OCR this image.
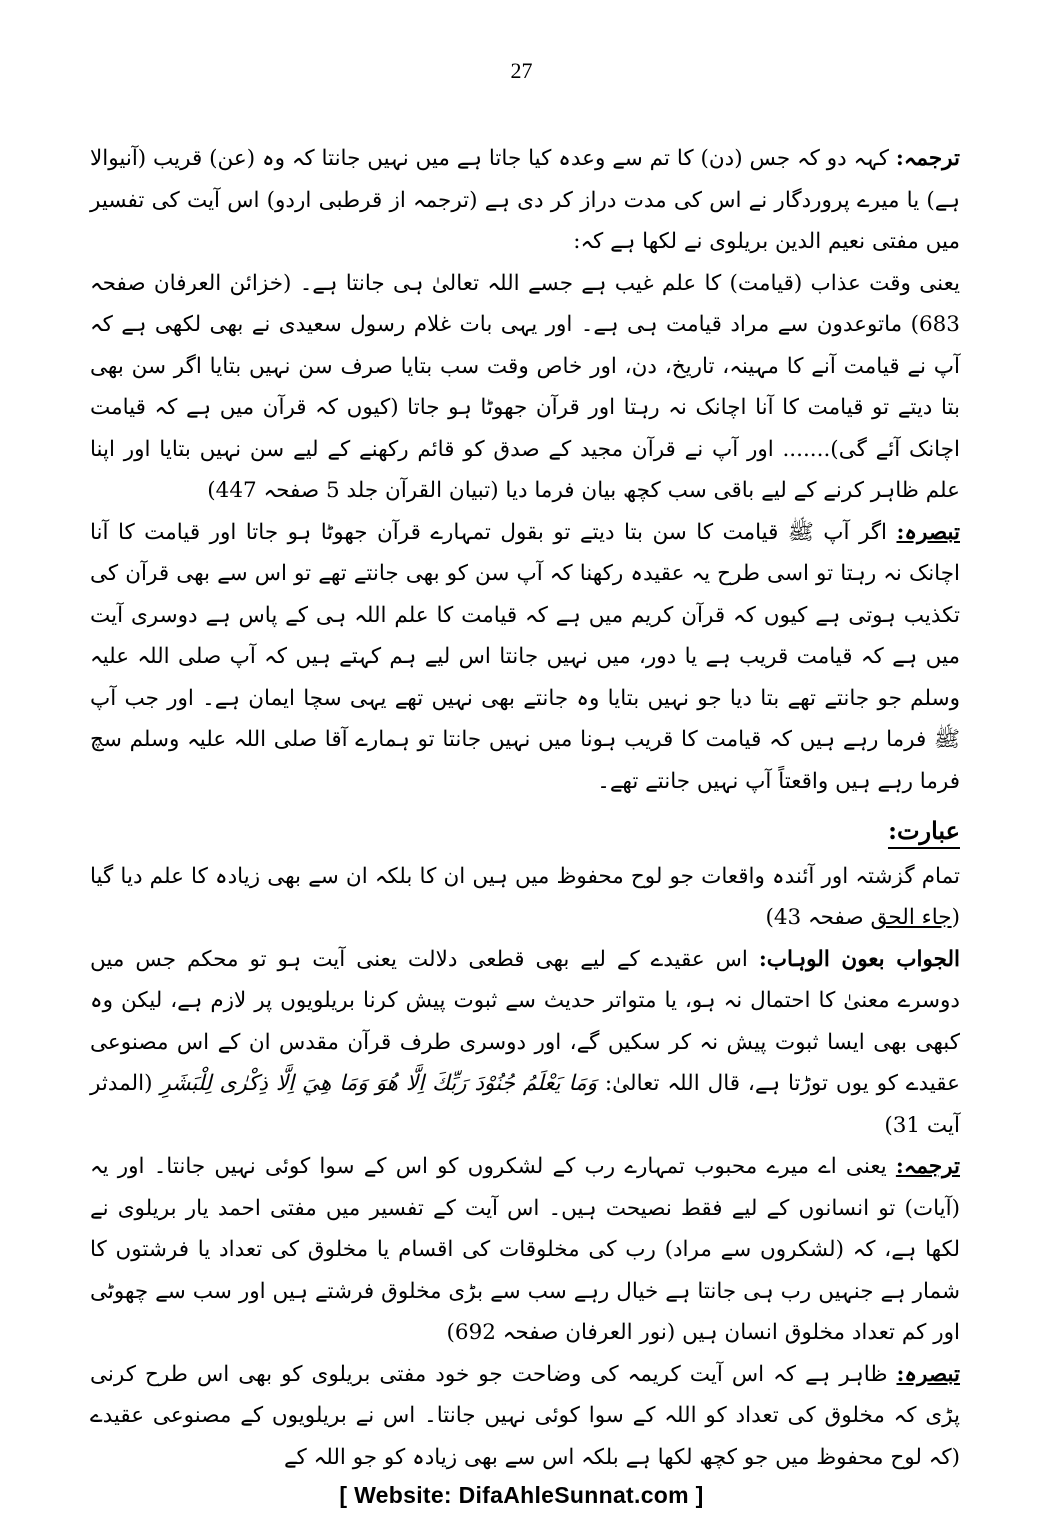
27

ترجمہ: کہہ دو کہ جس (دن) کا تم سے وعدہ کیا جاتا ہے میں نہیں جانتا کہ وہ (عن) قریب (آنیوالا ہے) یا میرے پروردگار نے اس کی مدت دراز کر دی ہے (ترجمہ از قرطبی اردو) اس آیت کی تفسیر میں مفتی نعیم الدین بریلوی نے لکھا ہے کہ:

یعنی وقت عذاب (قیامت) کا علم غیب ہے جسے اللہ تعالیٰ ہی جانتا ہے۔ (خزائن العرفان صفحہ 683) ماتوعدون سے مراد قیامت ہی ہے۔ اور یہی بات غلام رسول سعیدی نے بھی لکھی ہے کہ آپ نے قیامت آنے کا مہینہ، تاریخ، دن، اور خاص وقت سب بتایا صرف سن نہیں بتایا اگر سن بھی بتا دیتے تو قیامت کا آنا اچانک نہ رہتا اور قرآن جھوٹا ہو جاتا (کیوں کہ قرآن میں ہے کہ قیامت اچانک آئے گی)....... اور آپ نے قرآن مجید کے صدق کو قائم رکھنے کے لیے سن نہیں بتایا اور اپنا علم ظاہر کرنے کے لیے باقی سب کچھ بیان فرما دیا (تبیان القرآن جلد 5 صفحہ 447)

تبصرہ: اگر آپ ﷺ قیامت کا سن بتا دیتے تو بقول تمہارے قرآن جھوٹا ہو جاتا اور قیامت کا آنا اچانک نہ رہتا تو اسی طرح یہ عقیدہ رکھنا کہ آپ سن کو بھی جانتے تھے تو اس سے بھی قرآن کی تکذیب ہوتی ہے کیوں کہ قرآن کریم میں ہے کہ قیامت کا علم اللہ ہی کے پاس ہے دوسری آیت میں ہے کہ قیامت قریب ہے یا دور، میں نہیں جانتا اس لیے ہم کہتے ہیں کہ آپ صلی اللہ علیہ وسلم جو جانتے تھے بتا دیا جو نہیں بتایا وہ جانتے بھی نہیں تھے یہی سچا ایمان ہے۔ اور جب آپ ﷺ فرما رہے ہیں کہ قیامت کا قریب ہونا میں نہیں جانتا تو ہمارے آقا صلی اللہ علیہ وسلم سچ فرما رہے ہیں واقعتاً آپ نہیں جانتے تھے۔

عبارت:

تمام گزشتہ اور آئندہ واقعات جو لوح محفوظ میں ہیں ان کا بلکہ ان سے بھی زیادہ کا علم دیا گیا (جاء الحق صفحہ 43)

الجواب بعون الوہاب: اس عقیدے کے لیے بھی قطعی دلالت یعنی آیت ہو تو محکم جس میں دوسرے معنیٰ کا احتمال نہ ہو، یا متواتر حدیث سے ثبوت پیش کرنا بریلویوں پر لازم ہے، لیکن وہ کبھی بھی ایسا ثبوت پیش نہ کر سکیں گے، اور دوسری طرف قرآن مقدس ان کے اس مصنوعی عقیدے کو یوں توڑتا ہے، قال اللہ تعالیٰ: وَمَا يَعْلَمُ جُنُوْدَ رَبِّكَ اِلَّا هُوَ وَمَا هِيَ اِلَّا ذِكْرٰى لِلْبَشَرِ (المدثر آیت 31)

ترجمہ: یعنی اے میرے محبوب تمہارے رب کے لشکروں کو اس کے سوا کوئی نہیں جانتا۔ اور یہ (آیات) تو انسانوں کے لیے فقط نصیحت ہیں۔ اس آیت کے تفسیر میں مفتی احمد یار بریلوی نے لکھا ہے، کہ (لشکروں سے مراد) رب کی مخلوقات کی اقسام یا مخلوق کی تعداد یا فرشتوں کا شمار ہے جنہیں رب ہی جانتا ہے خیال رہے سب سے بڑی مخلوق فرشتے ہیں اور سب سے چھوٹی اور کم تعداد مخلوق انسان ہیں (نور العرفان صفحہ 692)

تبصرہ: ظاہر ہے کہ اس آیت کریمہ کی وضاحت جو خود مفتی بریلوی کو بھی اس طرح کرنی پڑی کہ مخلوق کی تعداد کو اللہ کے سوا کوئی نہیں جانتا۔ اس نے بریلویوں کے مصنوعی عقیدے (کہ لوح محفوظ میں جو کچھ لکھا ہے بلکہ اس سے بھی زیادہ کو جو اللہ کے

[ Website: DifaAhleSunnat.com ]
